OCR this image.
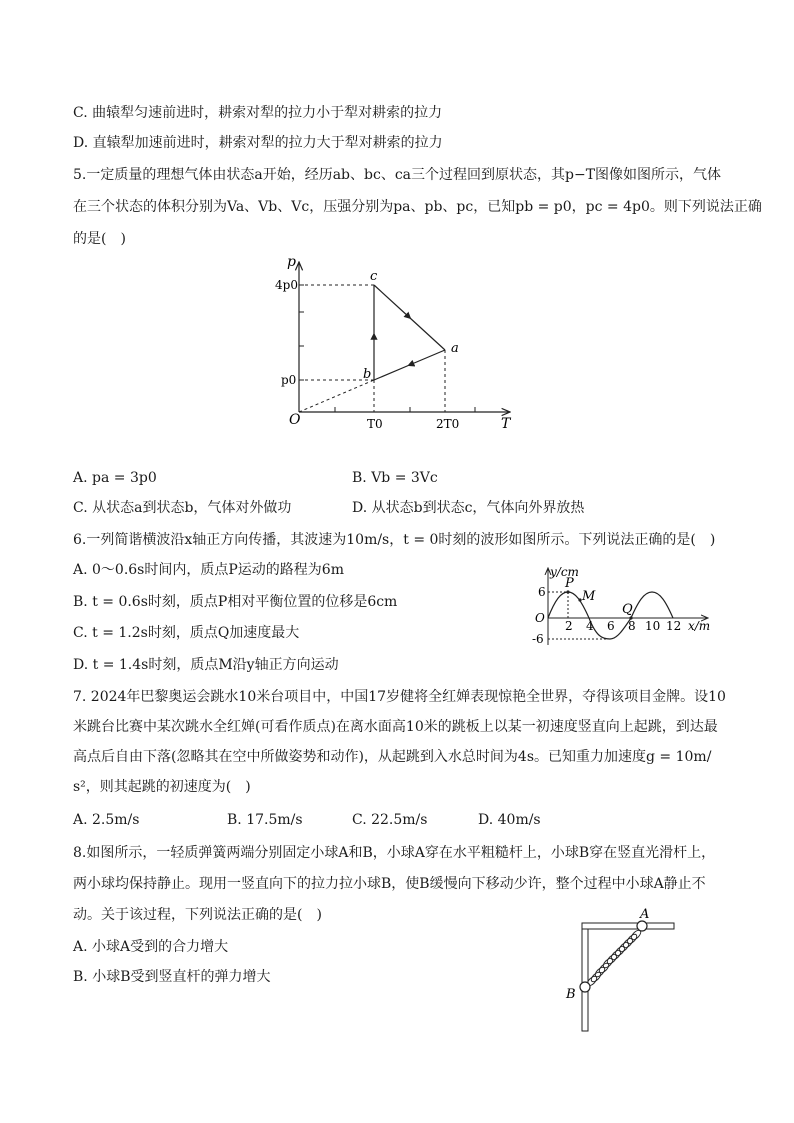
C. 曲辕犁匀速前进时，耕索对犁的拉力小于犁对耕索的拉力
D. 直辕犁加速前进时，耕索对犁的拉力大于犁对耕索的拉力
5.一定质量的理想气体由状态a开始，经历ab、bc、ca三个过程回到原状态，其p−T图像如图所示，气体
在三个状态的体积分别为Va、Vb、Vc，压强分别为pa、pb、pc，已知pb = p0，pc = 4p0。则下列说法正确
的是(　)
p
T
O
4p0
p0
T0	2T0
a
b
c
A. pa = 3p0	B. Vb = 3Vc
C. 从状态a到状态b，气体对外做功	D. 从状态b到状态c，气体向外界放热
6.一列简谐横波沿x轴正方向传播，其波速为10m/s，t = 0时刻的波形如图所示。下列说法正确的是(　)
A. 0～0.6s时间内，质点P运动的路程为6m
B. t = 0.6s时刻，质点P相对平衡位置的位移是6cm
C. t = 1.2s时刻，质点Q加速度最大
D. t = 1.4s时刻，质点M沿y轴正方向运动
y/cm
x/m
O
6
-6
2 4 6 8 10 12
P
M
Q
7. 2024年巴黎奥运会跳水10米台项目中，中国17岁健将全红婵表现惊艳全世界，夺得该项目金牌。设10
米跳台比赛中某次跳水全红婵(可看作质点)在离水面高10米的跳板上以某一初速度竖直向上起跳，到达最
高点后自由下落(忽略其在空中所做姿势和动作)，从起跳到入水总时间为4s。已知重力加速度g = 10m/
s²，则其起跳的初速度为(　)
A. 2.5m/s	B. 17.5m/s	C. 22.5m/s	D. 40m/s
8.如图所示，一轻质弹簧两端分别固定小球A和B，小球A穿在水平粗糙杆上，小球B穿在竖直光滑杆上，
两小球均保持静止。现用一竖直向下的拉力拉小球B，使B缓慢向下移动少许，整个过程中小球A静止不
动。关于该过程，下列说法正确的是(　)
A. 小球A受到的合力增大
B. 小球B受到竖直杆的弹力增大
A
B
